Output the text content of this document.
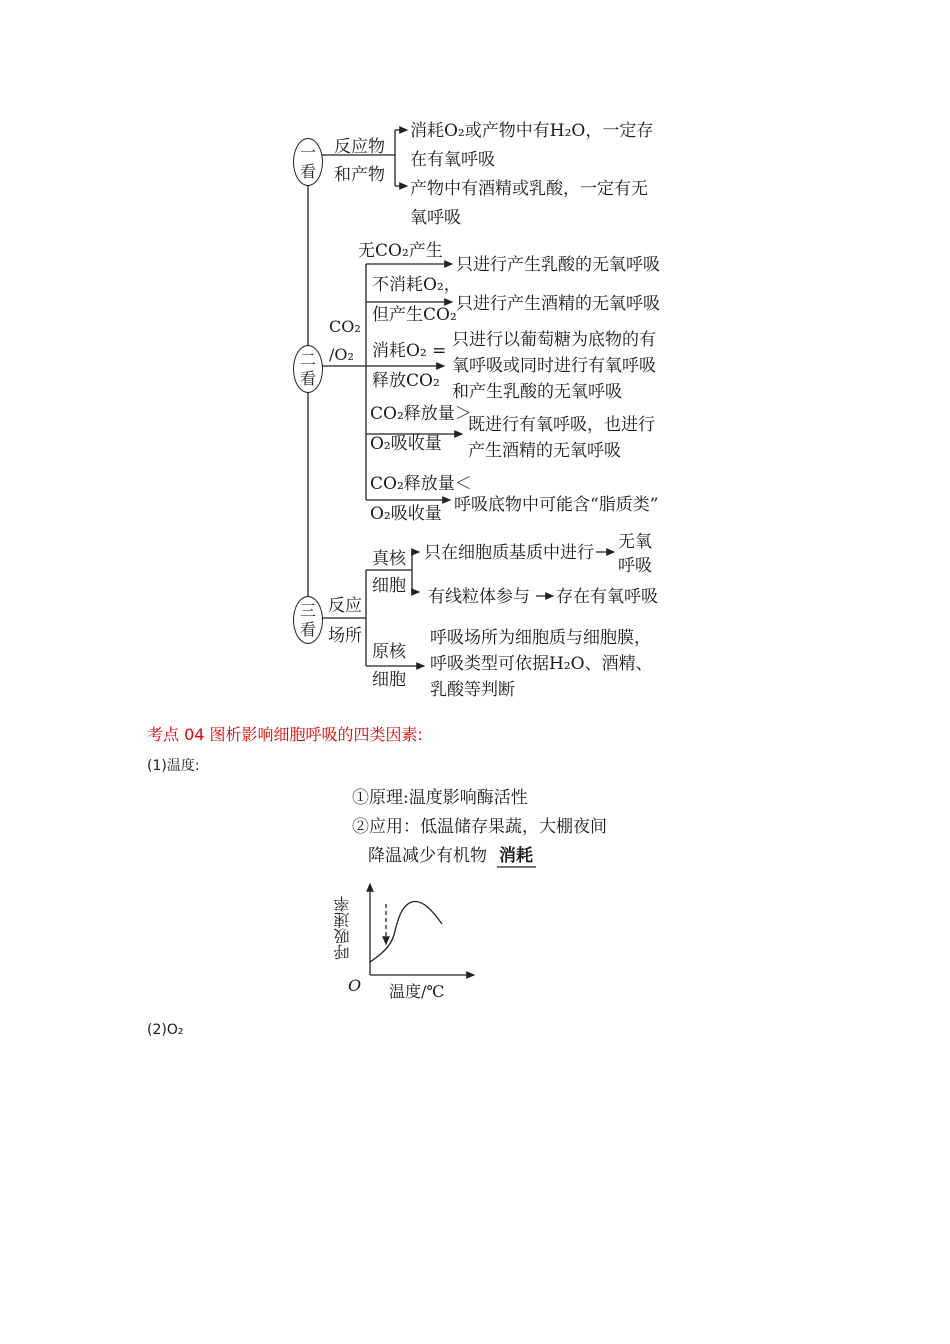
一
看
二
看
三
看
反应物
和产物
消耗O₂或产物中有H₂O，一定存
在有氧呼吸
产物中有酒精或乳酸，一定有无
氧呼吸
CO₂
/O₂
无CO₂产生
只进行产生乳酸的无氧呼吸
不消耗O₂，
但产生CO₂
只进行产生酒精的无氧呼吸
消耗O₂ =
释放CO₂
只进行以葡萄糖为底物的有
氧呼吸或同时进行有氧呼吸
和产生乳酸的无氧呼吸
CO₂释放量＞
O₂吸收量
既进行有氧呼吸，也进行
产生酒精的无氧呼吸
CO₂释放量＜
O₂吸收量 呼吸底物中可能含“脂质类”
反应
场所
真核
细胞
只在细胞质基质中进行
无氧
呼吸
有线粒体参与 存在有氧呼吸
原核
细胞
呼吸场所为细胞质与细胞膜，
呼吸类型可依据H₂O、酒精、
乳酸等判断
考点 04 图析影响细胞呼吸的四类因素:
(1)温度:
①原理:温度影响酶活性
②应用：低温储存果蔬，大棚夜间
降温减少有机物 消耗
呼吸速率
温度/℃
O
(2)O₂
